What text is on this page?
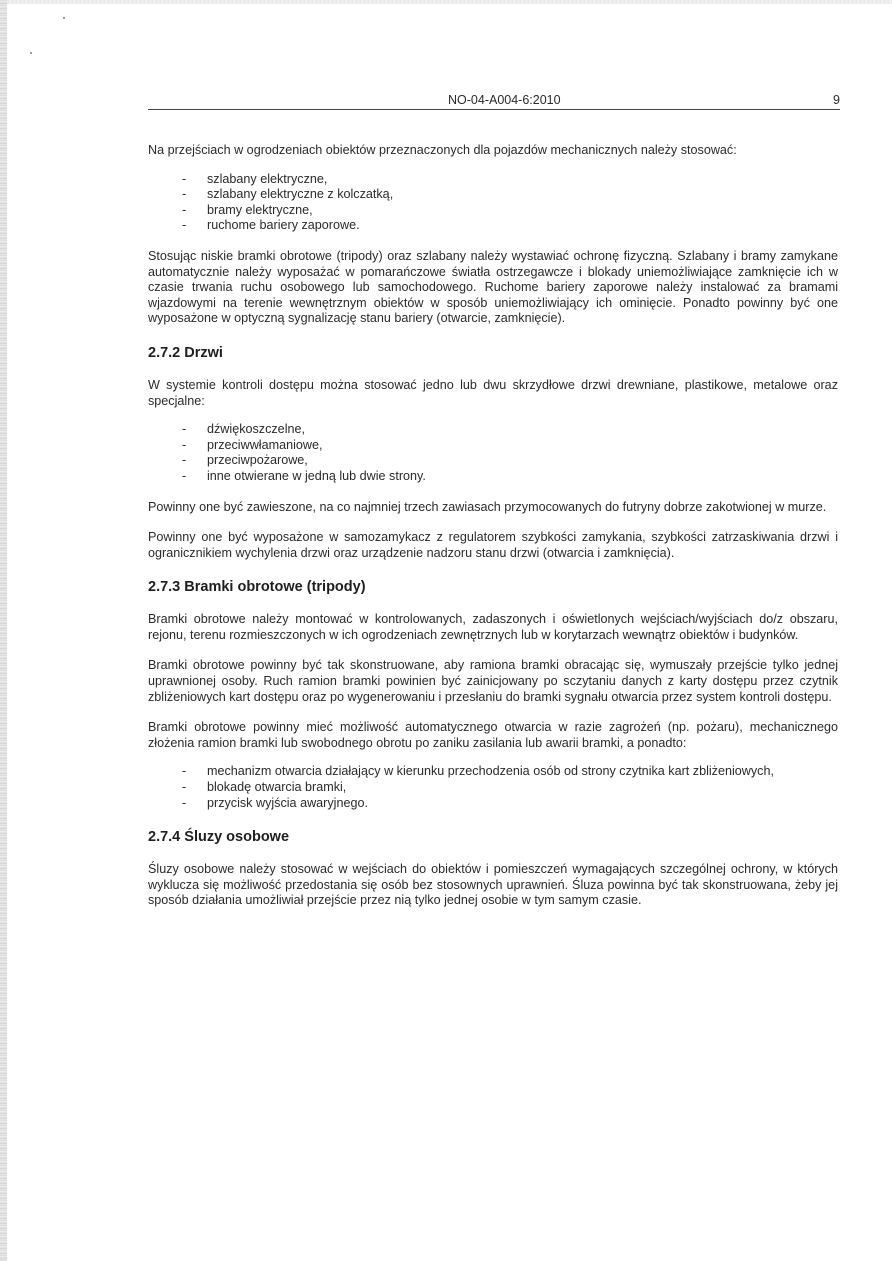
NO-04-A004-6:2010	9

Na przejściach w ogrodzeniach obiektów przeznaczonych dla pojazdów mechanicznych należy stosować:

- szlabany elektryczne,
- szlabany elektryczne z kolczatką,
- bramy elektryczne,
- ruchome bariery zaporowe.

Stosując niskie bramki obrotowe (tripody) oraz szlabany należy wystawiać ochronę fizyczną. Szlabany i bramy zamykane automatycznie należy wyposażać w pomarańczowe światła ostrzegawcze i blokady uniemożliwiające zamknięcie ich w czasie trwania ruchu osobowego lub samochodowego. Ruchome bariery zaporowe należy instalować za bramami wjazdowymi na terenie wewnętrznym obiektów w sposób uniemożliwiający ich ominięcie. Ponadto powinny być one wyposażone w optyczną sygnalizację stanu bariery (otwarcie, zamknięcie).

2.7.2 Drzwi

W systemie kontroli dostępu można stosować jedno lub dwu skrzydłowe drzwi drewniane, plastikowe, metalowe oraz specjalne:

- dźwiękoszczelne,
- przeciwwłamaniowe,
- przeciwpożarowe,
- inne otwierane w jedną lub dwie strony.

Powinny one być zawieszone, na co najmniej trzech zawiasach przymocowanych do futryny dobrze zakotwionej w murze.

Powinny one być wyposażone w samozamykacz z regulatorem szybkości zamykania, szybkości zatrzaskiwania drzwi i ogranicznikiem wychylenia drzwi oraz urządzenie nadzoru stanu drzwi (otwarcia i zamknięcia).

2.7.3 Bramki obrotowe (tripody)

Bramki obrotowe należy montować w kontrolowanych, zadaszonych i oświetlonych wejściach/wyjściach do/z obszaru, rejonu, terenu rozmieszczonych w ich ogrodzeniach zewnętrznych lub w korytarzach wewnątrz obiektów i budynków.

Bramki obrotowe powinny być tak skonstruowane, aby ramiona bramki obracając się, wymuszały przejście tylko jednej uprawnionej osoby. Ruch ramion bramki powinien być zainicjowany po sczytaniu danych z karty dostępu przez czytnik zbliżeniowych kart dostępu oraz po wygenerowaniu i przesłaniu do bramki sygnału otwarcia przez system kontroli dostępu.

Bramki obrotowe powinny mieć możliwość automatycznego otwarcia w razie zagrożeń (np. pożaru), mechanicznego złożenia ramion bramki lub swobodnego obrotu po zaniku zasilania lub awarii bramki, a ponadto:

- mechanizm otwarcia działający w kierunku przechodzenia osób od strony czytnika kart zbliżeniowych,
- blokadę otwarcia bramki,
- przycisk wyjścia awaryjnego.
2.7.4 Śluzy osobowe

Śluzy osobowe należy stosować w wejściach do obiektów i pomieszczeń wymagających szczególnej ochrony, w których wyklucza się możliwość przedostania się osób bez stosownych uprawnień. Śluza powinna być tak skonstruowana, żeby jej sposób działania umożliwiał przejście przez nią tylko jednej osobie w tym samym czasie.
